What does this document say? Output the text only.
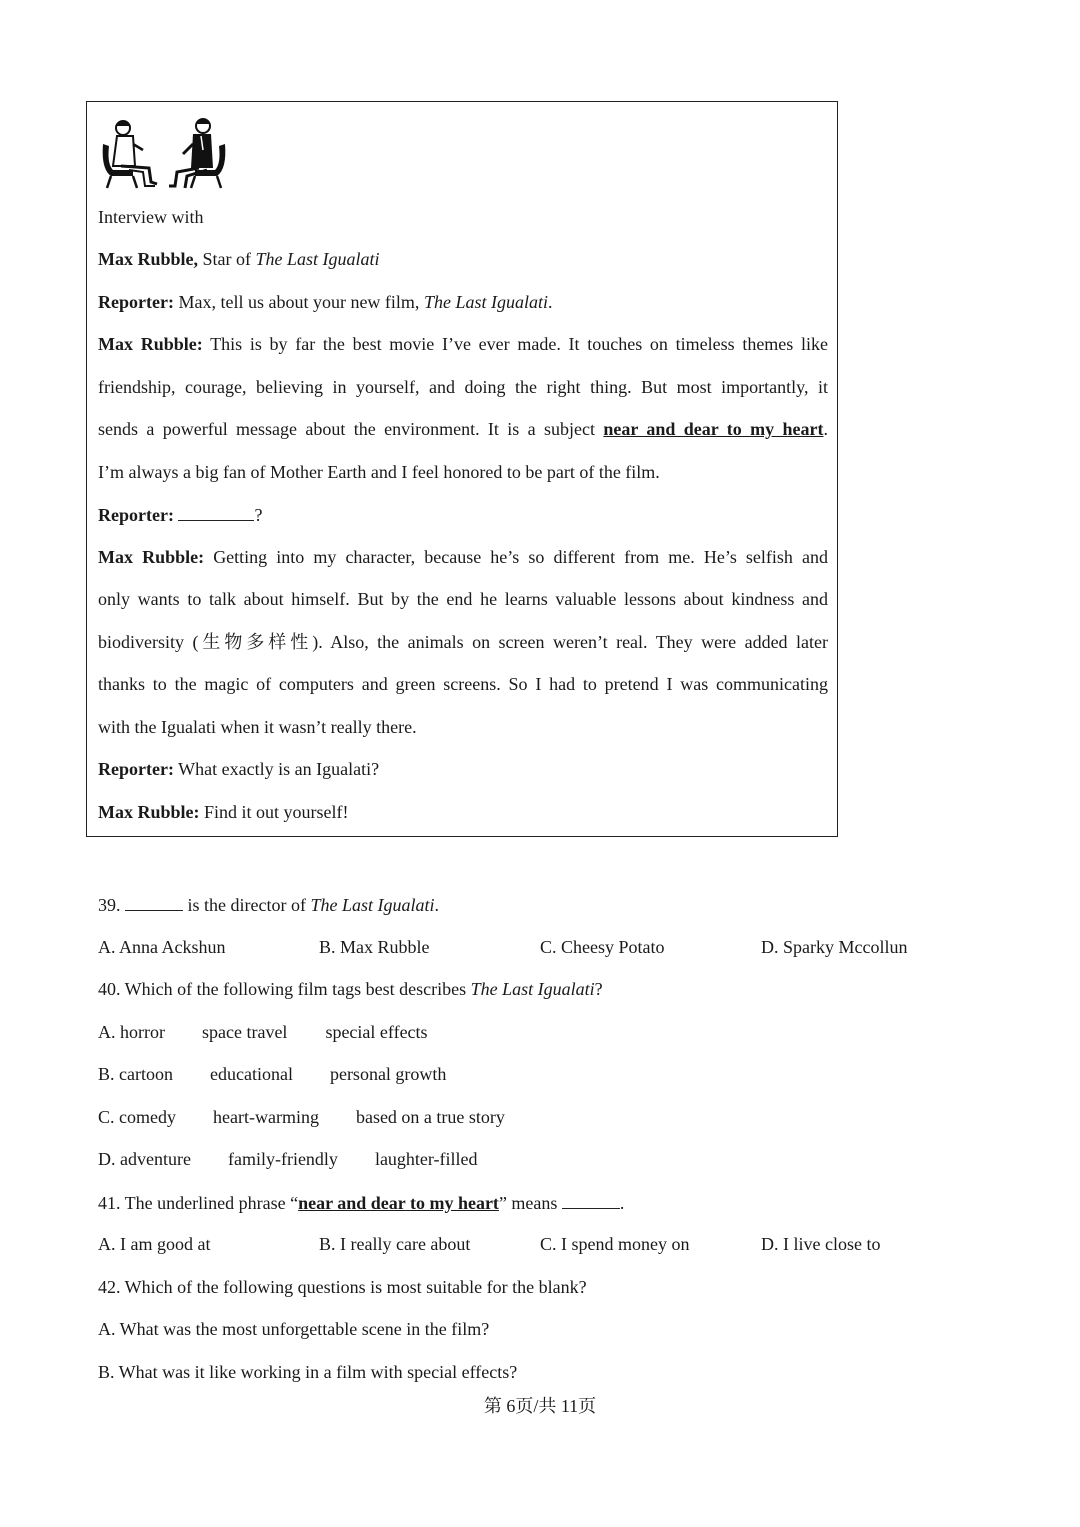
Interview with
Max Rubble, Star of The Last Igualati
Reporter: Max, tell us about your new film, The Last Igualati.
Max Rubble: This is by far the best movie I’ve ever made. It touches on timeless themes like
friendship, courage, believing in yourself, and doing the right thing. But most importantly, it
sends a powerful message about the environment. It is a subject near and dear to my heart.
I’m always a big fan of Mother Earth and I feel honored to be part of the film.
Reporter:	?
Max Rubble: Getting into my character, because he’s so different from me. He’s selfish and
only wants to talk about himself. But by the end he learns valuable lessons about kindness and
biodiversity (生物多样性). Also, the animals on screen weren’t real. They were added later
thanks to the magic of computers and green screens. So I had to pretend I was communicating
with the Igualati when it wasn’t really there.
Reporter: What exactly is an Igualati?
Max Rubble: Find it out yourself!
39.	is the director of The Last Igualati.
A. Anna Ackshun	B. Max Rubble	C. Cheesy Potato	D. Sparky Mccollun
40. Which of the following film tags best describes The Last Igualati?
A. horror space travel special effects
B. cartoon educational personal growth
C. comedy heart-warming based on a true story
D. adventure family-friendly laughter-filled
41. The underlined phrase “near and dear to my heart” means	.
A. I am good at	B. I really care about	C. I spend money on	D. I live close to
42. Which of the following questions is most suitable for the blank?
A. What was the most unforgettable scene in the film?
B. What was it like working in a film with special effects?
第 6页/共 11页
